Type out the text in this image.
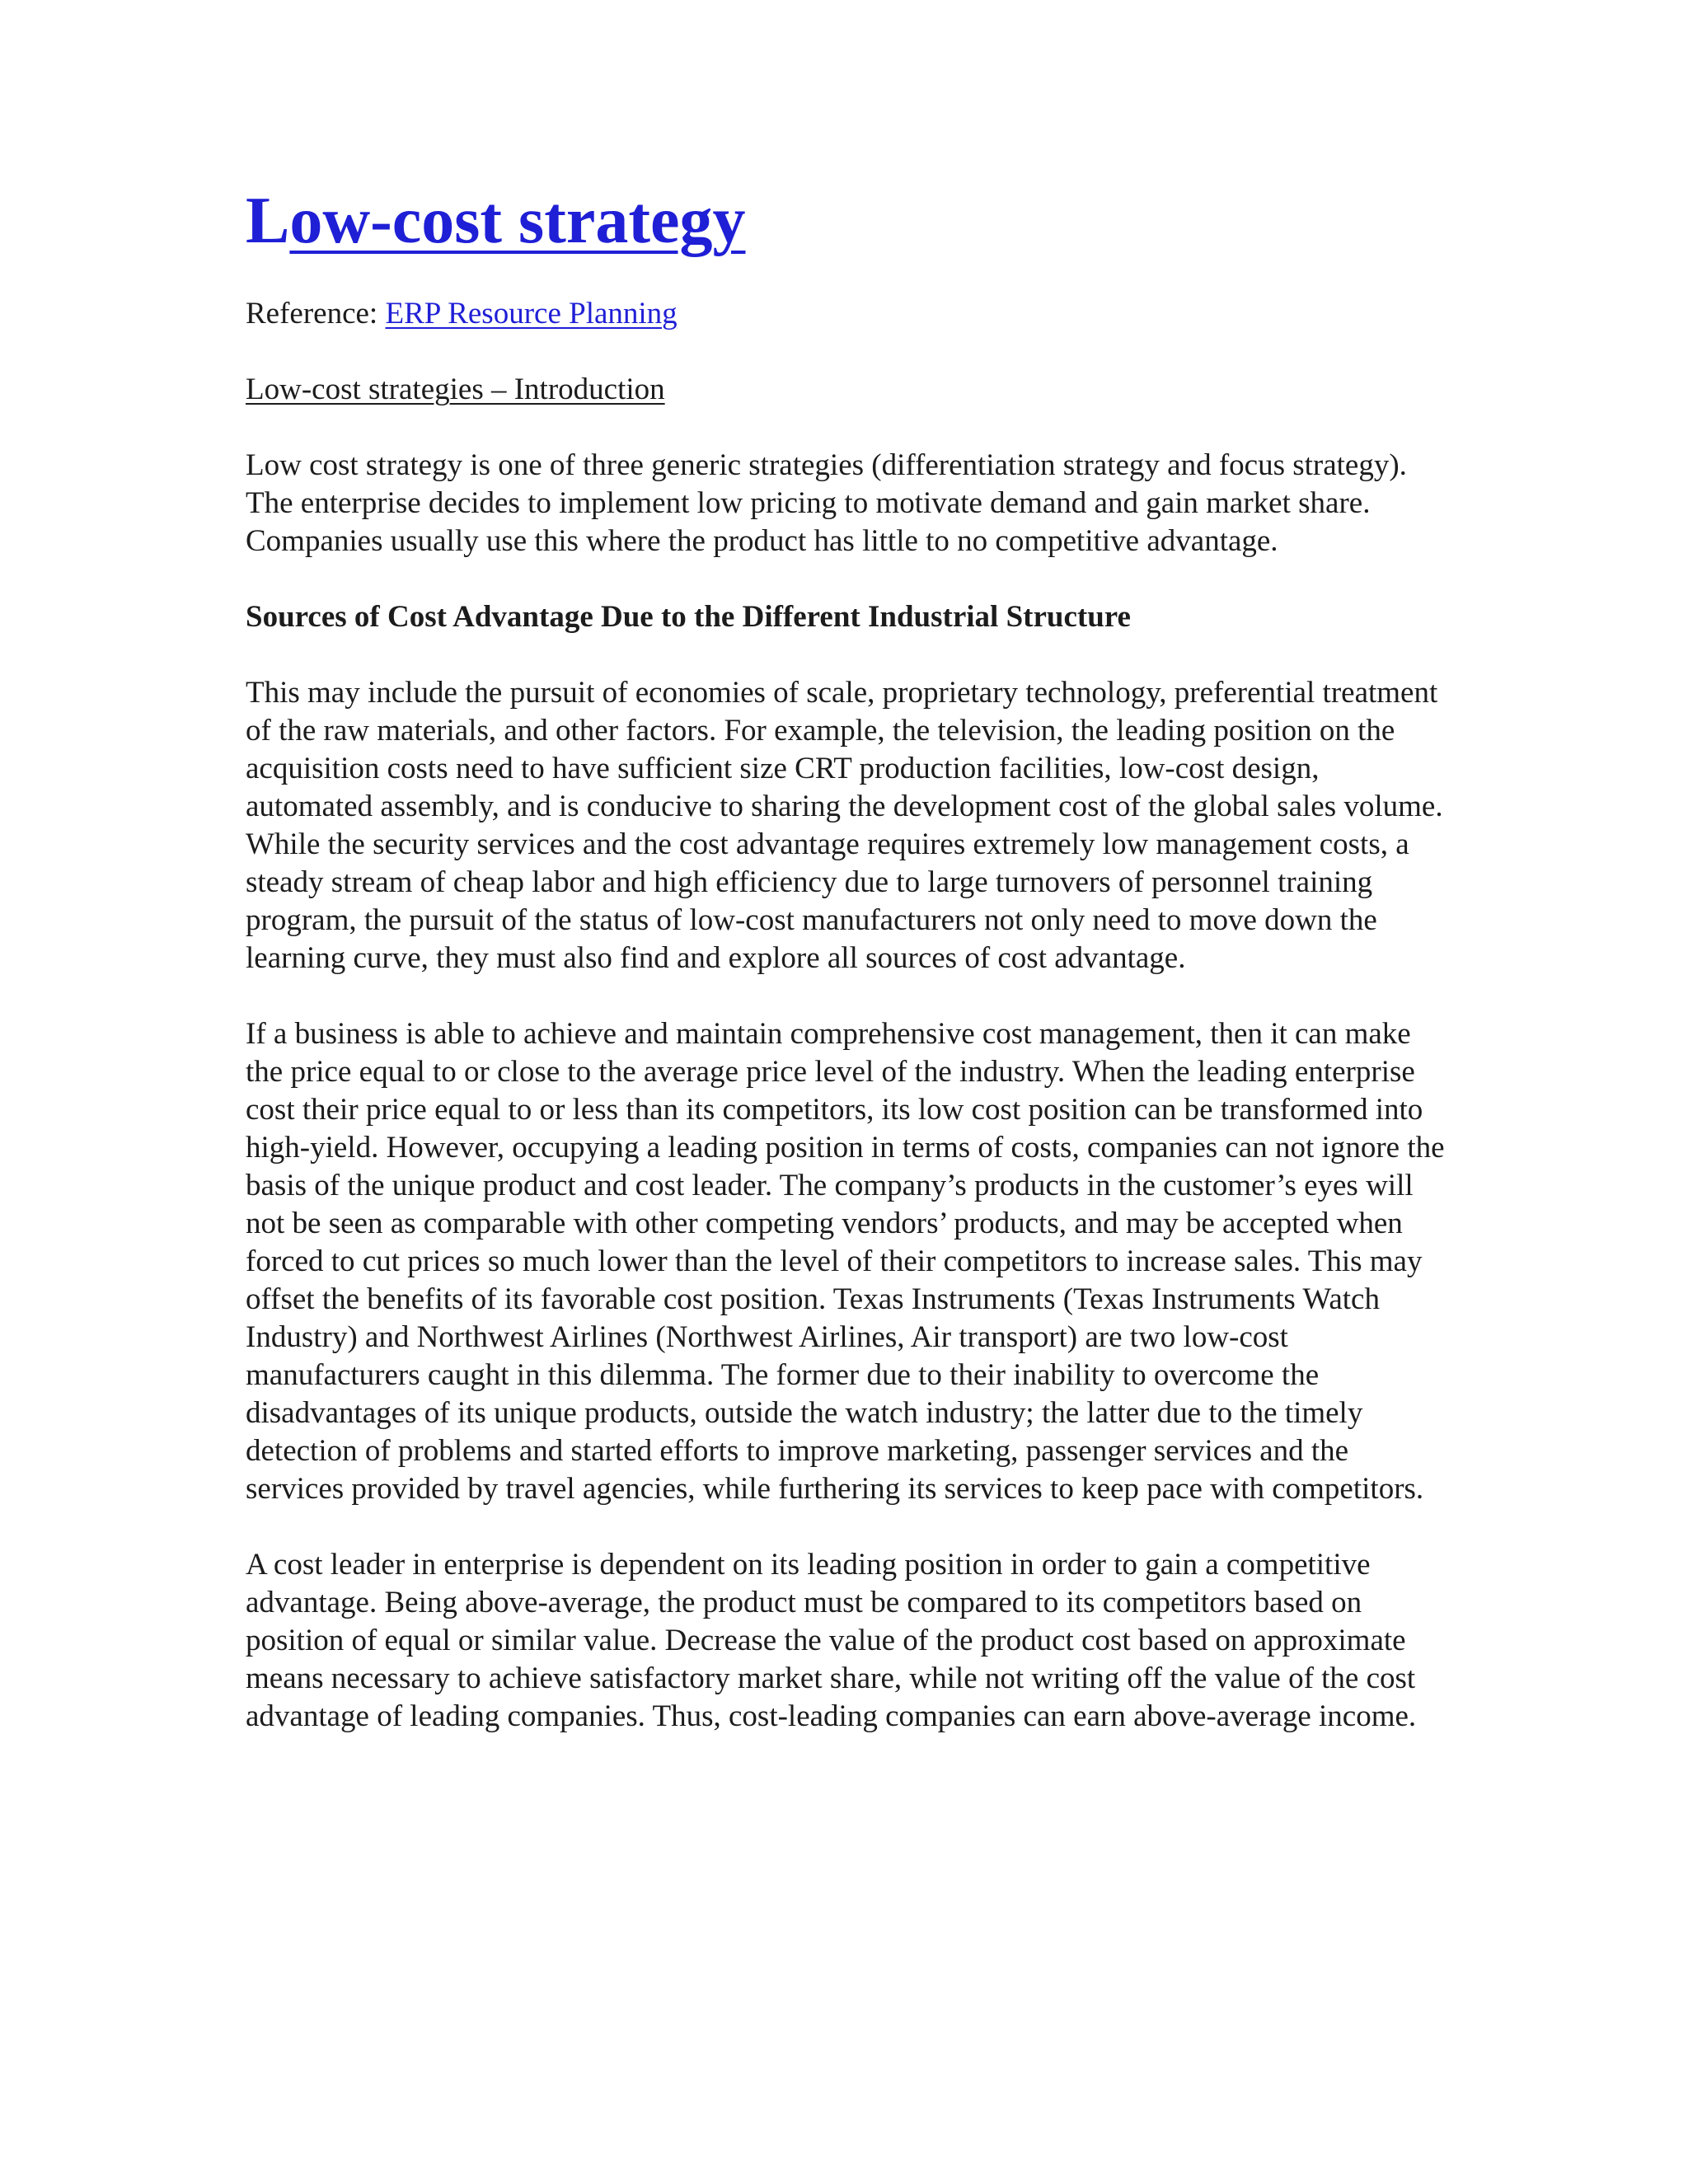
Low-cost strategy

Reference: ERP Resource Planning

Low-cost strategies – Introduction

Low cost strategy is one of three generic strategies (differentiation strategy and focus strategy). The enterprise decides to implement low pricing to motivate demand and gain market share. Companies usually use this where the product has little to no competitive advantage.

Sources of Cost Advantage Due to the Different Industrial Structure

This may include the pursuit of economies of scale, proprietary technology, preferential treatment of the raw materials, and other factors. For example, the television, the leading position on the acquisition costs need to have sufficient size CRT production facilities, low-cost design, automated assembly, and is conducive to sharing the development cost of the global sales volume. While the security services and the cost advantage requires extremely low management costs, a steady stream of cheap labor and high efficiency due to large turnovers of personnel training program, the pursuit of the status of low-cost manufacturers not only need to move down the learning curve, they must also find and explore all sources of cost advantage.

If a business is able to achieve and maintain comprehensive cost management, then it can make the price equal to or close to the average price level of the industry. When the leading enterprise cost their price equal to or less than its competitors, its low cost position can be transformed into high-yield. However, occupying a leading position in terms of costs, companies can not ignore the basis of the unique product and cost leader. The company’s products in the customer’s eyes will not be seen as comparable with other competing vendors’ products, and may be accepted when forced to cut prices so much lower than the level of their competitors to increase sales. This may offset the benefits of its favorable cost position. Texas Instruments (Texas Instruments Watch Industry) and Northwest Airlines (Northwest Airlines, Air transport) are two low-cost manufacturers caught in this dilemma. The former due to their inability to overcome the disadvantages of its unique products, outside the watch industry; the latter due to the timely detection of problems and started efforts to improve marketing, passenger services and the services provided by travel agencies, while furthering its services to keep pace with competitors.

A cost leader in enterprise is dependent on its leading position in order to gain a competitive advantage. Being above-average, the product must be compared to its competitors based on position of equal or similar value. Decrease the value of the product cost based on approximate means necessary to achieve satisfactory market share, while not writing off the value of the cost advantage of leading companies. Thus, cost-leading companies can earn above-average income.
